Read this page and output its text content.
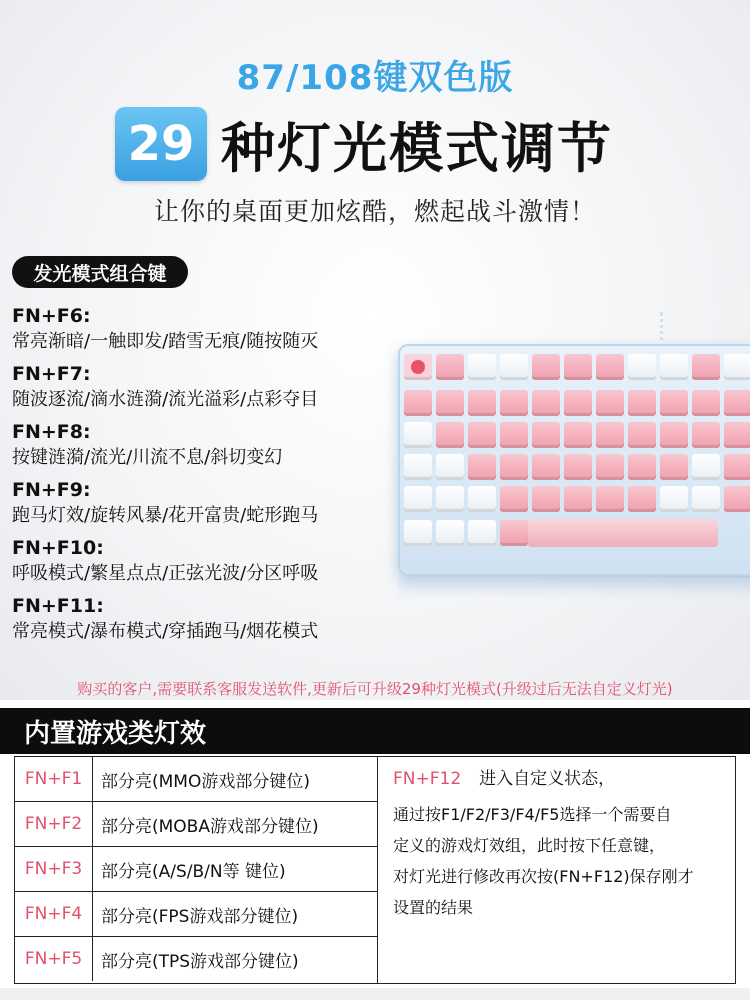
87/108键双色版
29 种灯光模式调节
让你的桌面更加炫酷，燃起战斗激情！
发光模式组合键
FN+F6:
常亮渐暗/一触即发/踏雪无痕/随按随灭
FN+F7:
随波逐流/滴水涟漪/流光溢彩/点彩夺目
FN+F8:
按键涟漪/流光/川流不息/斜切变幻
FN+F9:
跑马灯效/旋转风暴/花开富贵/蛇形跑马
FN+F10:
呼吸模式/繁星点点/正弦光波/分区呼吸
FN+F11:
常亮模式/瀑布模式/穿插跑马/烟花模式
购买的客户,需要联系客服发送软件,更新后可升级29种灯光模式(升级过后无法自定义灯光)
内置游戏类灯效
FN+F1	部分亮(MMO游戏部分键位)
FN+F2	部分亮(MOBA游戏部分键位)
FN+F3	部分亮(A/S/B/N等 键位)
FN+F4	部分亮(FPS游戏部分键位)
FN+F5	部分亮(TPS游戏部分键位)
FN+F12 进入自定义状态，
通过按F1/F2/F3/F4/F5选择一个需要自
定义的游戏灯效组，此时按下任意键，
对灯光进行修改再次按(FN+F12)保存刚才
设置的结果
